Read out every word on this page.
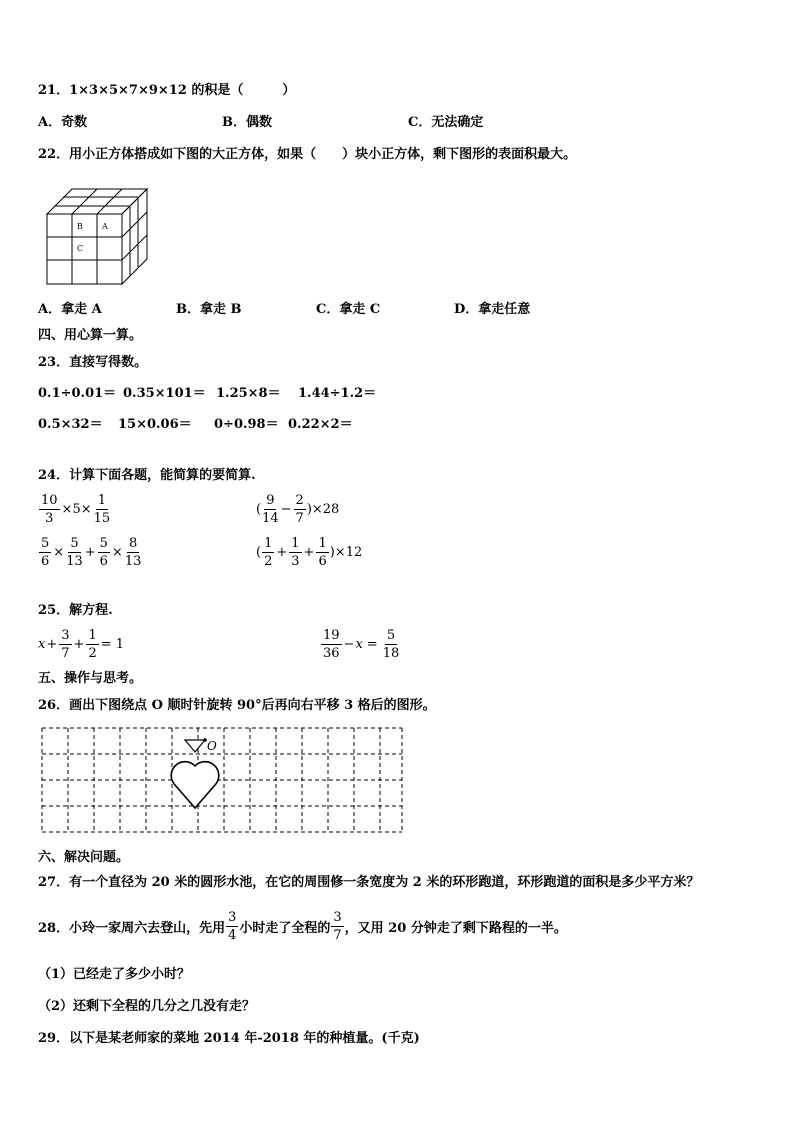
21．1×3×5×7×9×12 的积是（　　　）
A．奇数	B．偶数	C．无法确定
22．用小正方体搭成如下图的大正方体，如果（　　）块小正方体，剩下图形的表面积最大。
B A
C
A．拿走 A	B．拿走 B	C．拿走 C	D．拿走任意
四、用心算一算。
23．直接写得数。
0.1÷0.01＝ 0.35×101＝ 1.25×8＝ 1.44÷1.2＝
0.5×32＝ 15×0.06＝ 0÷0.98＝ 0.22×2＝
24．计算下面各题，能简算的要简算.
$\frac{10}{3} \times 5\times \frac{1}{15}$	( $\frac{9}{14} - \frac{2}{7} )\times 28$
$\frac{5}{6} \times \frac{5}{13} + \frac{5}{6} \times \frac{8}{13}$	( $\frac{1}{2} + \frac{1}{3} + \frac{1}{6} )\times 12$
25．解方程.
$x + \frac{3}{7} + \frac{1}{2} = 1$	$\frac{19}{36} - x = \frac{5}{18}$
五、操作与思考。
26．画出下图绕点 O 顺时针旋转 90°后再向右平移 3 格后的图形。
O
六、解决问题。
27．有一个直径为 20 米的圆形水池，在它的周围修一条宽度为 2 米的环形跑道，环形跑道的面积是多少平方米？
28．小玲一家周六去登山，先用 $\frac{3}{4}$ 小时走了全程的 $\frac{3}{7}$ ，又用 20 分钟走了剩下路程的一半。
（1）已经走了多少小时？
（2）还剩下全程的几分之几没有走？
29．以下是某老师家的菜地 2014 年-2018 年的种植量。(千克)
